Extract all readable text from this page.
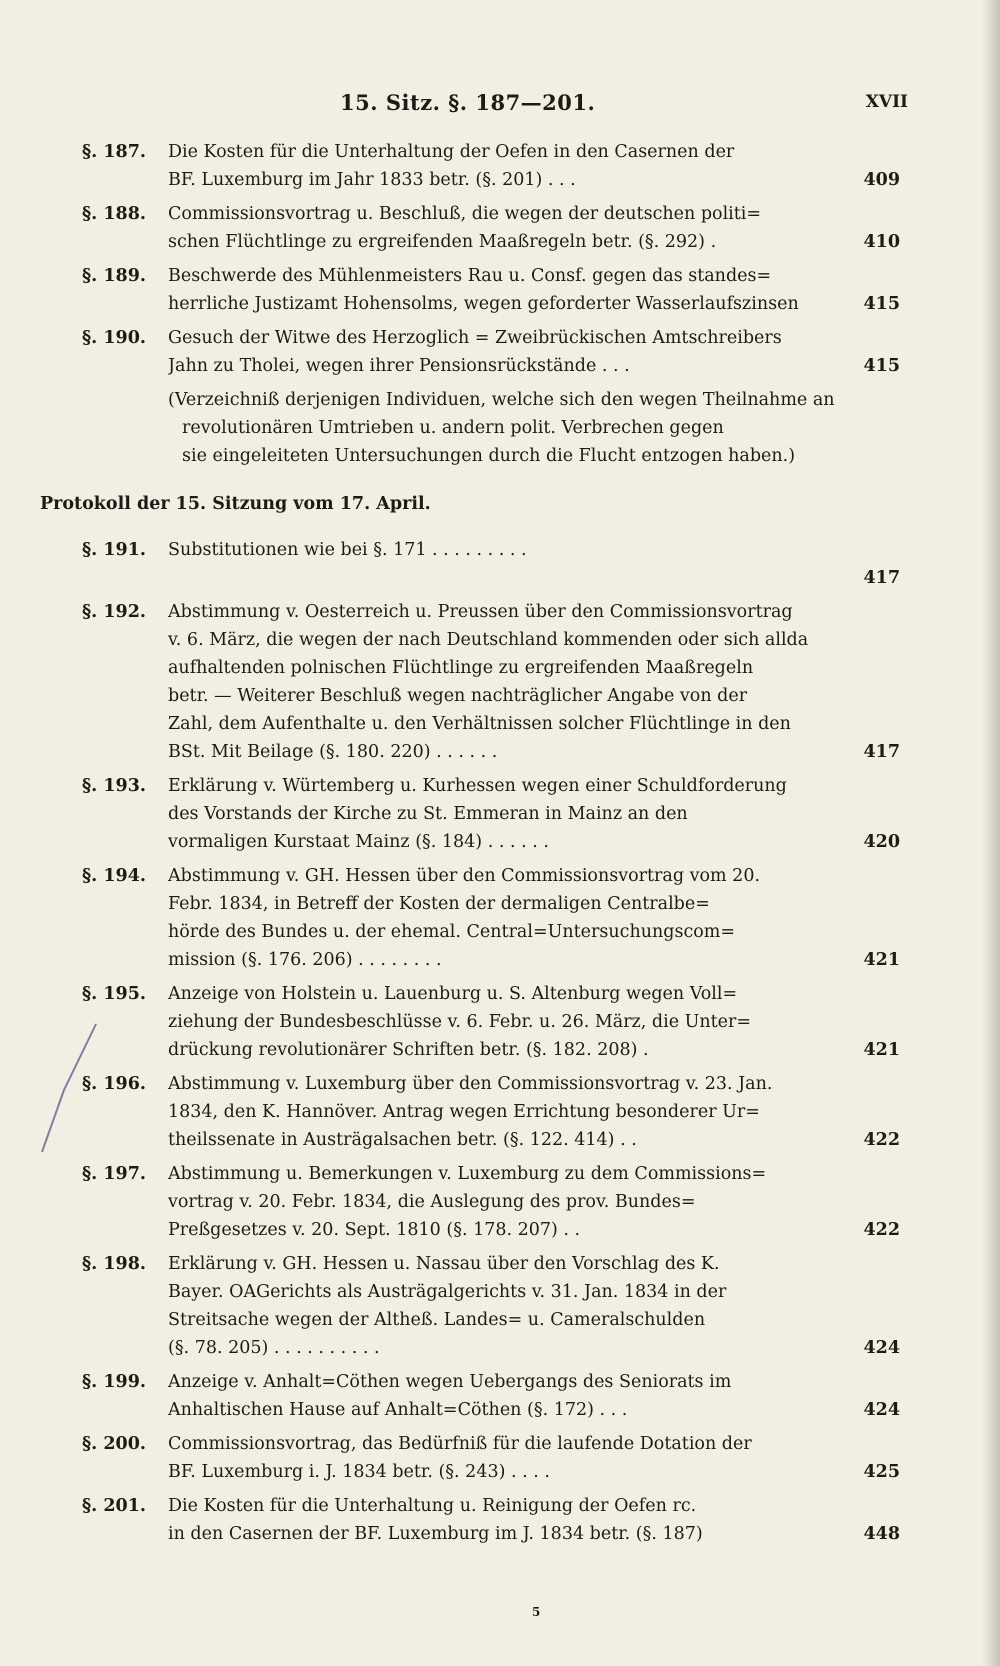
15. Sitz. §. 187—201.	XVII
§. 187. Die Kosten für die Unterhaltung der Oefen in den Casernen der
BF. Luxemburg im Jahr 1833 betr. (§. 201) . . .	409
§. 188. Commissionsvortrag u. Beschluß, die wegen der deutschen politi=
schen Flüchtlinge zu ergreifenden Maaßregeln betr. (§. 292) .	410
§. 189. Beschwerde des Mühlenmeisters Rau u. Consf. gegen das standes=
herrliche Justizamt Hohensolms, wegen geforderter Wasserlaufszinsen	415
§. 190. Gesuch der Witwe des Herzoglich = Zweibrückischen Amtschreibers
Jahn zu Tholei, wegen ihrer Pensionsrückstände . . .	415
(Verzeichniß derjenigen Individuen, welche sich den wegen Theilnahme an
revolutionären Umtrieben u. andern polit. Verbrechen gegen
sie eingeleiteten Untersuchungen durch die Flucht entzogen haben.)
Protokoll der 15. Sitzung vom 17. April.
§. 191. Substitutionen wie bei §. 171 . . . . . . . . .
417
§. 192. Abstimmung v. Oesterreich u. Preussen über den Commissionsvortrag
v. 6. März, die wegen der nach Deutschland kommenden oder sich allda
aufhaltenden polnischen Flüchtlinge zu ergreifenden Maaßregeln
betr. — Weiterer Beschluß wegen nachträglicher Angabe von der
Zahl, dem Aufenthalte u. den Verhältnissen solcher Flüchtlinge in den
BSt. Mit Beilage (§. 180. 220) . . . . . .	417
§. 193. Erklärung v. Würtemberg u. Kurhessen wegen einer Schuldforderung
des Vorstands der Kirche zu St. Emmeran in Mainz an den
vormaligen Kurstaat Mainz (§. 184) . . . . . .	420
§. 194. Abstimmung v. GH. Hessen über den Commissionsvortrag vom 20.
Febr. 1834, in Betreff der Kosten der dermaligen Centralbe=
hörde des Bundes u. der ehemal. Central=Untersuchungscom=
mission (§. 176. 206) . . . . . . . .	421
§. 195. Anzeige von Holstein u. Lauenburg u. S. Altenburg wegen Voll=
ziehung der Bundesbeschlüsse v. 6. Febr. u. 26. März, die Unter=
drückung revolutionärer Schriften betr. (§. 182. 208) .	421
§. 196. Abstimmung v. Luxemburg über den Commissionsvortrag v. 23. Jan.
1834, den K. Hannöver. Antrag wegen Errichtung besonderer Ur=
theilssenate in Austrägalsachen betr. (§. 122. 414) . .	422
§. 197. Abstimmung u. Bemerkungen v. Luxemburg zu dem Commissions=
vortrag v. 20. Febr. 1834, die Auslegung des prov. Bundes=
Preßgesetzes v. 20. Sept. 1810 (§. 178. 207) . .	422
§. 198. Erklärung v. GH. Hessen u. Nassau über den Vorschlag des K.
Bayer. OAGerichts als Austrägalgerichts v. 31. Jan. 1834 in der
Streitsache wegen der Altheß. Landes= u. Cameralschulden
(§. 78. 205) . . . . . . . . . .	424
§. 199. Anzeige v. Anhalt=Cöthen wegen Uebergangs des Seniorats im
Anhaltischen Hause auf Anhalt=Cöthen (§. 172) . . .	424
§. 200. Commissionsvortrag, das Bedürfniß für die laufende Dotation der
BF. Luxemburg i. J. 1834 betr. (§. 243) . . . .	425
§. 201. Die Kosten für die Unterhaltung u. Reinigung der Oefen rc.
in den Casernen der BF. Luxemburg im J. 1834 betr. (§. 187)	448
5
